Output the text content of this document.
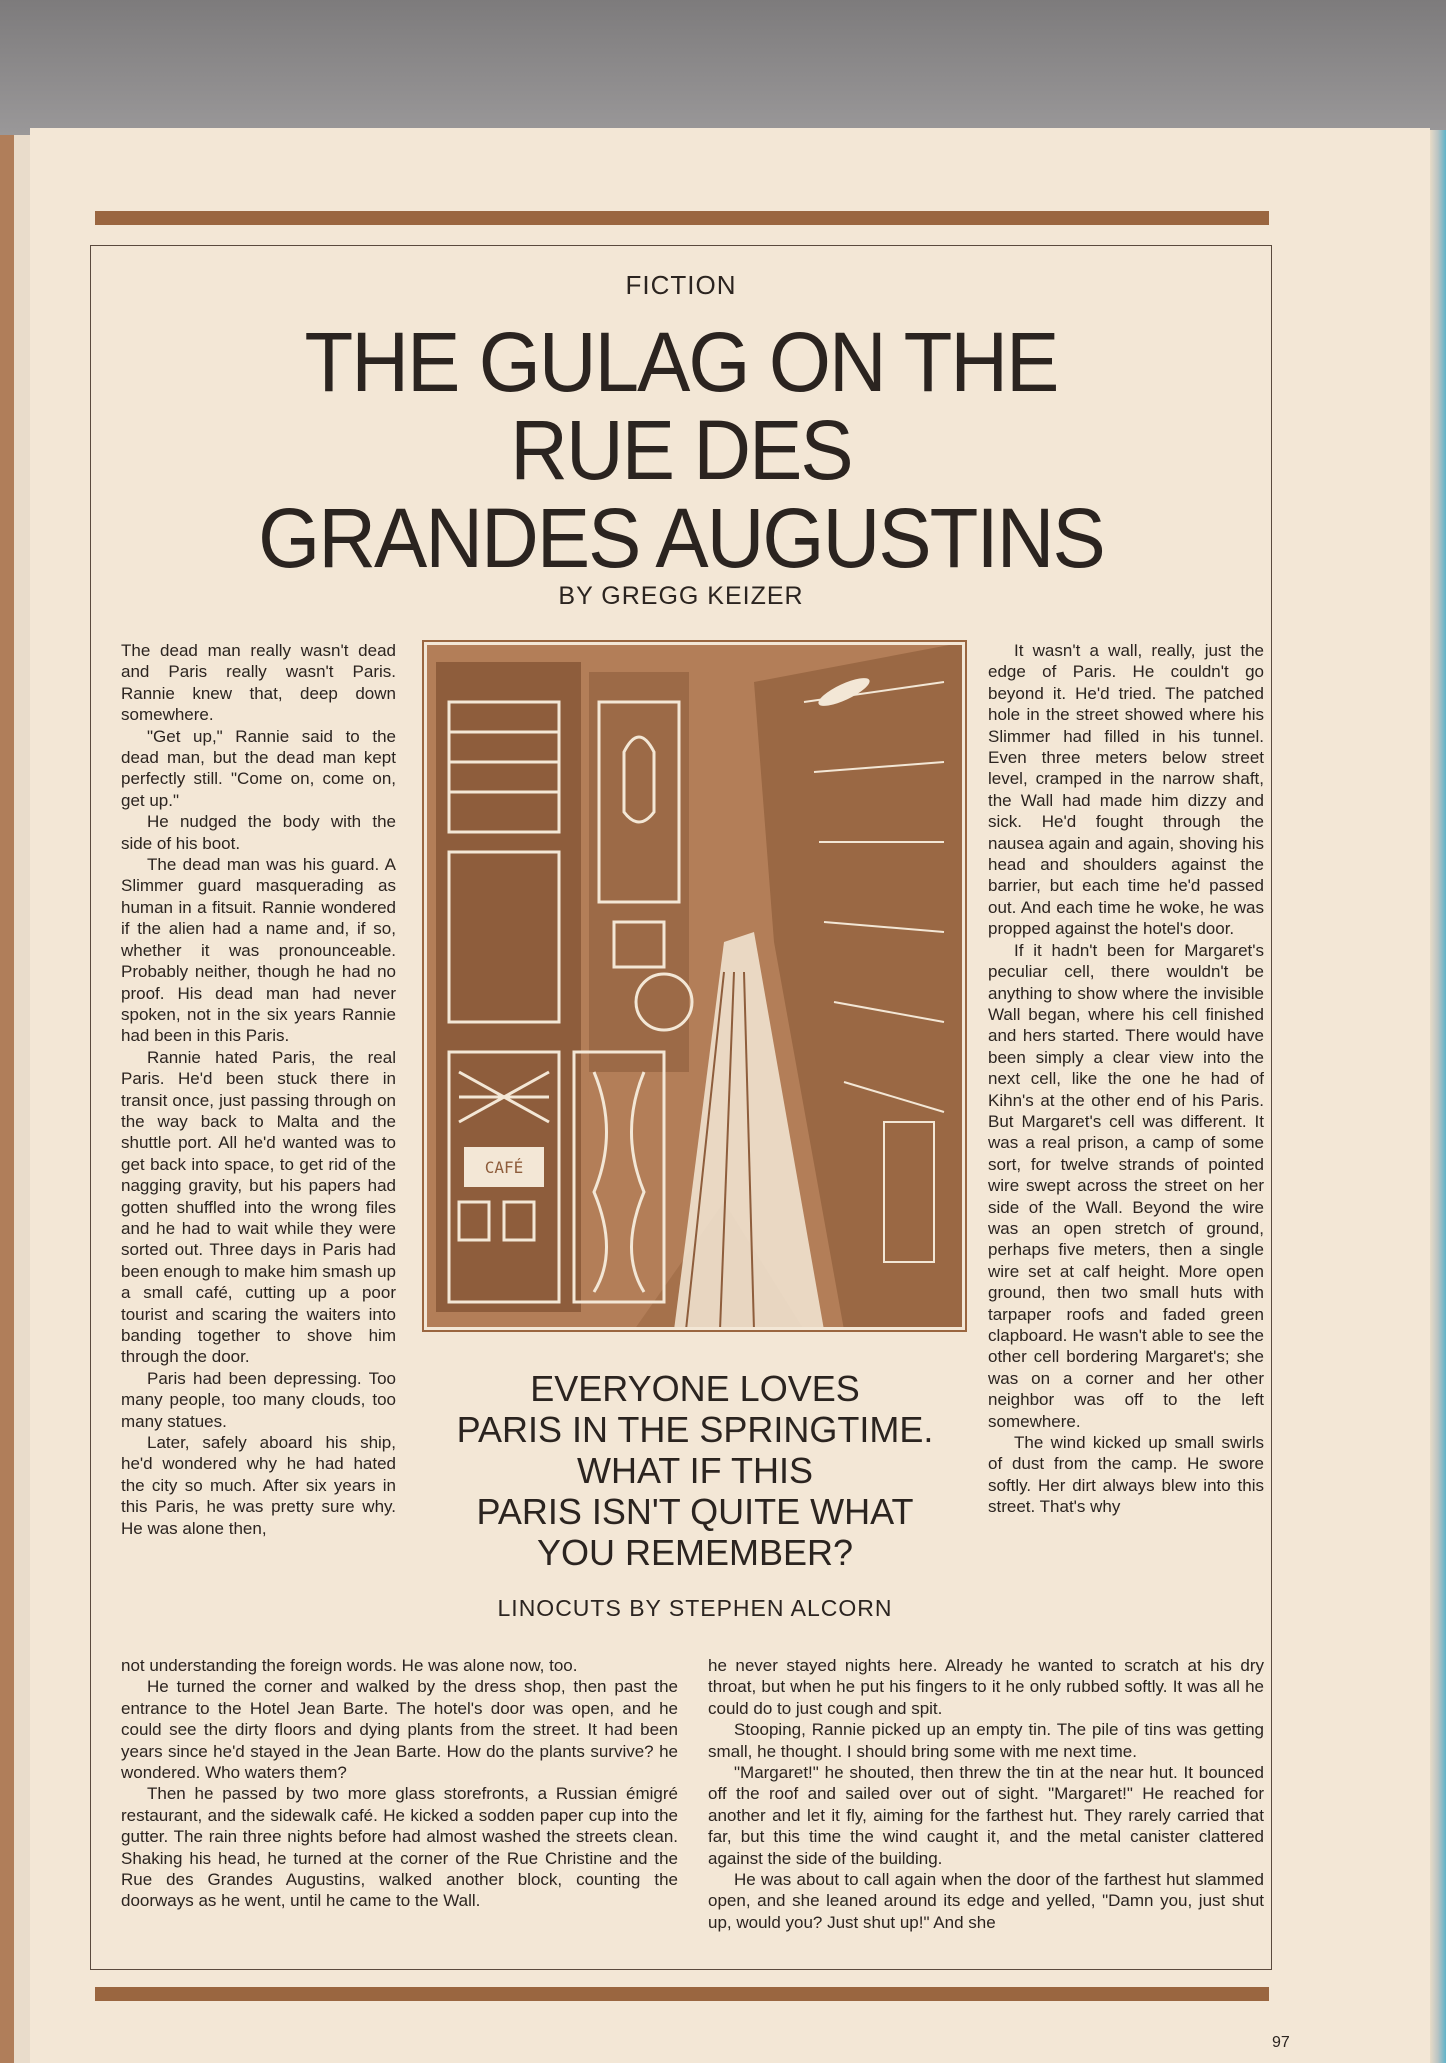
FICTION
THE GULAG ON THE
RUE DES
GRANDES AUGUSTINS
BY GREGG KEIZER

The dead man really wasn't dead and Paris really wasn't Paris. Rannie knew that, deep down somewhere.

"Get up," Rannie said to the dead man, but the dead man kept perfectly still. "Come on, come on, get up."

He nudged the body with the side of his boot.

The dead man was his guard. A Slimmer guard masquerading as human in a fitsuit. Rannie wondered if the alien had a name and, if so, whether it was pronounceable. Probably neither, though he had no proof. His dead man had never spoken, not in the six years Rannie had been in this Paris.

Rannie hated Paris, the real Paris. He'd been stuck there in transit once, just passing through on the way back to Malta and the shuttle port. All he'd wanted was to get back into space, to get rid of the nagging gravity, but his papers had gotten shuffled into the wrong files and he had to wait while they were sorted out. Three days in Paris had been enough to make him smash up a small café, cutting up a poor tourist and scaring the waiters into banding together to shove him through the door.

Paris had been depressing. Too many people, too many clouds, too many statues.

Later, safely aboard his ship, he'd wondered why he had hated the city so much. After six years in this Paris, he was pretty sure why. He was alone then,

It wasn't a wall, really, just the edge of Paris. He couldn't go beyond it. He'd tried. The patched hole in the street showed where his Slimmer had filled in his tunnel. Even three meters below street level, cramped in the narrow shaft, the Wall had made him dizzy and sick. He'd fought through the nausea again and again, shoving his head and shoulders against the barrier, but each time he'd passed out. And each time he woke, he was propped against the hotel's door.

If it hadn't been for Margaret's peculiar cell, there wouldn't be anything to show where the invisible Wall began, where his cell finished and hers started. There would have been simply a clear view into the next cell, like the one he had of Kihn's at the other end of his Paris. But Margaret's cell was different. It was a real prison, a camp of some sort, for twelve strands of pointed wire swept across the street on her side of the Wall. Beyond the wire was an open stretch of ground, perhaps five meters, then a single wire set at calf height. More open ground, then two small huts with tarpaper roofs and faded green clapboard. He wasn't able to see the other cell bordering Margaret's; she was on a corner and her other neighbor was off to the left somewhere.

The wind kicked up small swirls of dust from the camp. He swore softly. Her dirt always blew into this street. That's why

CAFÉ
EVERYONE LOVES
PARIS IN THE SPRINGTIME.
WHAT IF THIS
PARIS ISN'T QUITE WHAT
YOU REMEMBER?
LINOCUTS BY STEPHEN ALCORN

not understanding the foreign words. He was alone now, too.

He turned the corner and walked by the dress shop, then past the entrance to the Hotel Jean Barte. The hotel's door was open, and he could see the dirty floors and dying plants from the street. It had been years since he'd stayed in the Jean Barte. How do the plants survive? he wondered. Who waters them?

Then he passed by two more glass storefronts, a Russian émigré restaurant, and the sidewalk café. He kicked a sodden paper cup into the gutter. The rain three nights before had almost washed the streets clean. Shaking his head, he turned at the corner of the Rue Christine and the Rue des Grandes Augustins, walked another block, counting the doorways as he went, until he came to the Wall.

he never stayed nights here. Already he wanted to scratch at his dry throat, but when he put his fingers to it he only rubbed softly. It was all he could do to just cough and spit.

Stooping, Rannie picked up an empty tin. The pile of tins was getting small, he thought. I should bring some with me next time.

"Margaret!" he shouted, then threw the tin at the near hut. It bounced off the roof and sailed over out of sight. "Margaret!" He reached for another and let it fly, aiming for the farthest hut. They rarely carried that far, but this time the wind caught it, and the metal canister clattered against the side of the building.

He was about to call again when the door of the farthest hut slammed open, and she leaned around its edge and yelled, "Damn you, just shut up, would you? Just shut up!" And she

97
